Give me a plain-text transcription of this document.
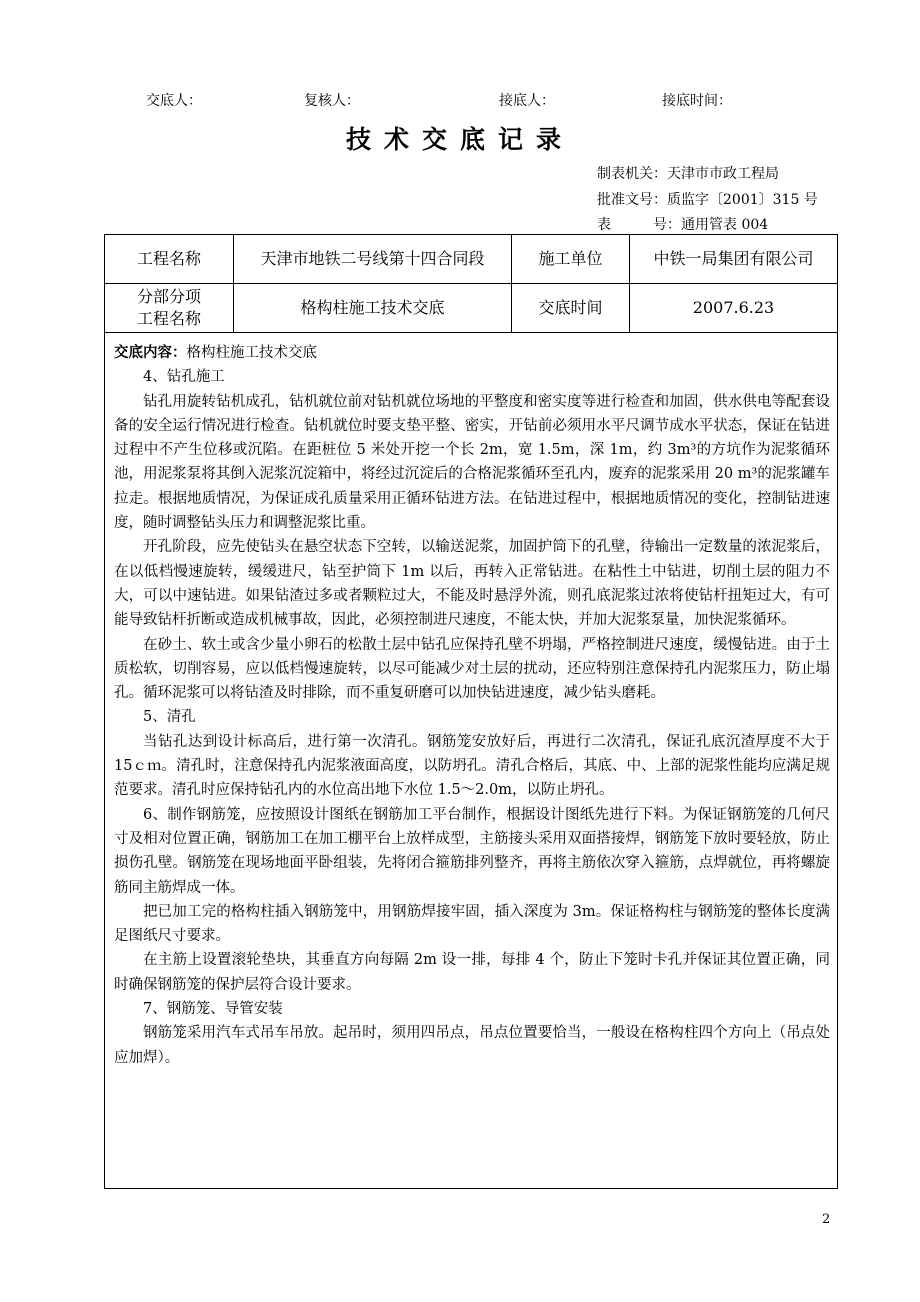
交底人：	复核人：	接底人：	接底时间：
技术交底记录
制表机关：天津市市政工程局
批准文号：质监字〔2001〕315 号
表	号：通用管表 004
工程名称	天津市地铁二号线第十四合同段	施工单位	中铁一局集团有限公司
分部分项
工程名称
格构柱施工技术交底	交底时间	2007.6.23

交底内容：格构柱施工技术交底

4、钻孔施工

钻孔用旋转钻机成孔，钻机就位前对钻机就位场地的平整度和密实度等进行检查和加固，供水供电等配套设备的安全运行情况进行检查。钻机就位时要支垫平整、密实，开钻前必须用水平尺调节成水平状态，保证在钻进过程中不产生位移或沉陷。在距桩位 5 米处开挖一个长 2m，宽 1.5m，深 1m，约 3m³的方坑作为泥浆循环池，用泥浆泵将其倒入泥浆沉淀箱中，将经过沉淀后的合格泥浆循环至孔内，废弃的泥浆采用 20 m³的泥浆罐车拉走。根据地质情况，为保证成孔质量采用正循环钻进方法。在钻进过程中，根据地质情况的变化，控制钻进速度，随时调整钻头压力和调整泥浆比重。

开孔阶段，应先使钻头在悬空状态下空转，以输送泥浆，加固护筒下的孔壁，待输出一定数量的浓泥浆后，在以低档慢速旋转，缓缓进尺，钻至护筒下 1m 以后，再转入正常钻进。在粘性土中钻进，切削土层的阻力不大，可以中速钻进。如果钻渣过多或者颗粒过大，不能及时悬浮外流，则孔底泥浆过浓将使钻杆扭矩过大，有可能导致钻杆折断或造成机械事故，因此，必须控制进尺速度，不能太快，并加大泥浆泵量，加快泥浆循环。

在砂土、软土或含少量小卵石的松散土层中钻孔应保持孔壁不坍塌，严格控制进尺速度，缓慢钻进。由于土质松软，切削容易，应以低档慢速旋转，以尽可能减少对土层的扰动，还应特别注意保持孔内泥浆压力，防止塌孔。循环泥浆可以将钻渣及时排除，而不重复研磨可以加快钻进速度，减少钻头磨耗。

5、清孔

当钻孔达到设计标高后，进行第一次清孔。钢筋笼安放好后，再进行二次清孔，保证孔底沉渣厚度不大于 15ｃｍ。清孔时，注意保持孔内泥浆液面高度，以防坍孔。清孔合格后，其底、中、上部的泥浆性能均应满足规范要求。清孔时应保持钻孔内的水位高出地下水位 1.5～2.0m，以防止坍孔。

6、制作钢筋笼，应按照设计图纸在钢筋加工平台制作，根据设计图纸先进行下料。为保证钢筋笼的几何尺寸及相对位置正确，钢筋加工在加工棚平台上放样成型，主筋接头采用双面搭接焊，钢筋笼下放时要轻放，防止损伤孔壁。钢筋笼在现场地面平卧组装，先将闭合箍筋排列整齐，再将主筋依次穿入箍筋，点焊就位，再将螺旋筋同主筋焊成一体。

把已加工完的格构柱插入钢筋笼中，用钢筋焊接牢固，插入深度为 3m。保证格构柱与钢筋笼的整体长度满足图纸尺寸要求。

在主筋上设置滚轮垫块，其垂直方向每隔 2m 设一排，每排 4 个，防止下笼时卡孔并保证其位置正确，同时确保钢筋笼的保护层符合设计要求。

7、钢筋笼、导管安装

钢筋笼采用汽车式吊车吊放。起吊时，须用四吊点，吊点位置要恰当，一般设在格构柱四个方向上（吊点处应加焊）。

2
